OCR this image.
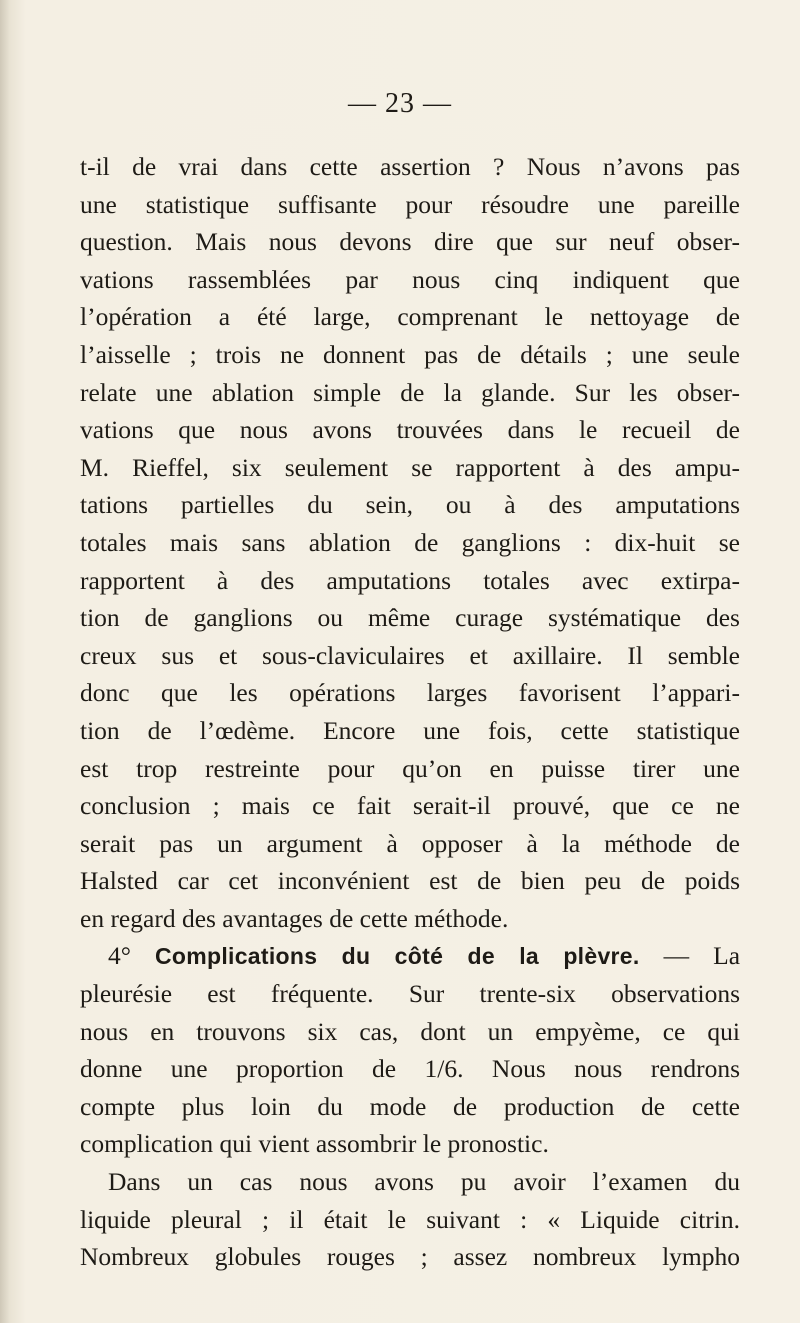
— 23 —
t-il de vrai dans cette assertion ? Nous n’avons pas
une statistique suffisante pour résoudre une pareille
question. Mais nous devons dire que sur neuf obser-
vations rassemblées par nous cinq indiquent que
l’opération a été large, comprenant le nettoyage de
l’aisselle ; trois ne donnent pas de détails ; une seule
relate une ablation simple de la glande. Sur les obser-
vations que nous avons trouvées dans le recueil de
M. Rieffel, six seulement se rapportent à des ampu-
tations partielles du sein, ou à des amputations
totales mais sans ablation de ganglions : dix-huit se
rapportent à des amputations totales avec extirpa-
tion de ganglions ou même curage systématique des
creux sus et sous-claviculaires et axillaire. Il semble
donc que les opérations larges favorisent l’appari-
tion de l’œdème. Encore une fois, cette statistique
est trop restreinte pour qu’on en puisse tirer une
conclusion ; mais ce fait serait-il prouvé, que ce ne
serait pas un argument à opposer à la méthode de
Halsted car cet inconvénient est de bien peu de poids
en regard des avantages de cette méthode.
4° Complications du côté de la plèvre. — La
pleurésie est fréquente. Sur trente-six observations
nous en trouvons six cas, dont un empyème, ce qui
donne une proportion de 1/6. Nous nous rendrons
compte plus loin du mode de production de cette
complication qui vient assombrir le pronostic.
Dans un cas nous avons pu avoir l’examen du
liquide pleural ; il était le suivant : « Liquide citrin.
Nombreux globules rouges ; assez nombreux lympho
